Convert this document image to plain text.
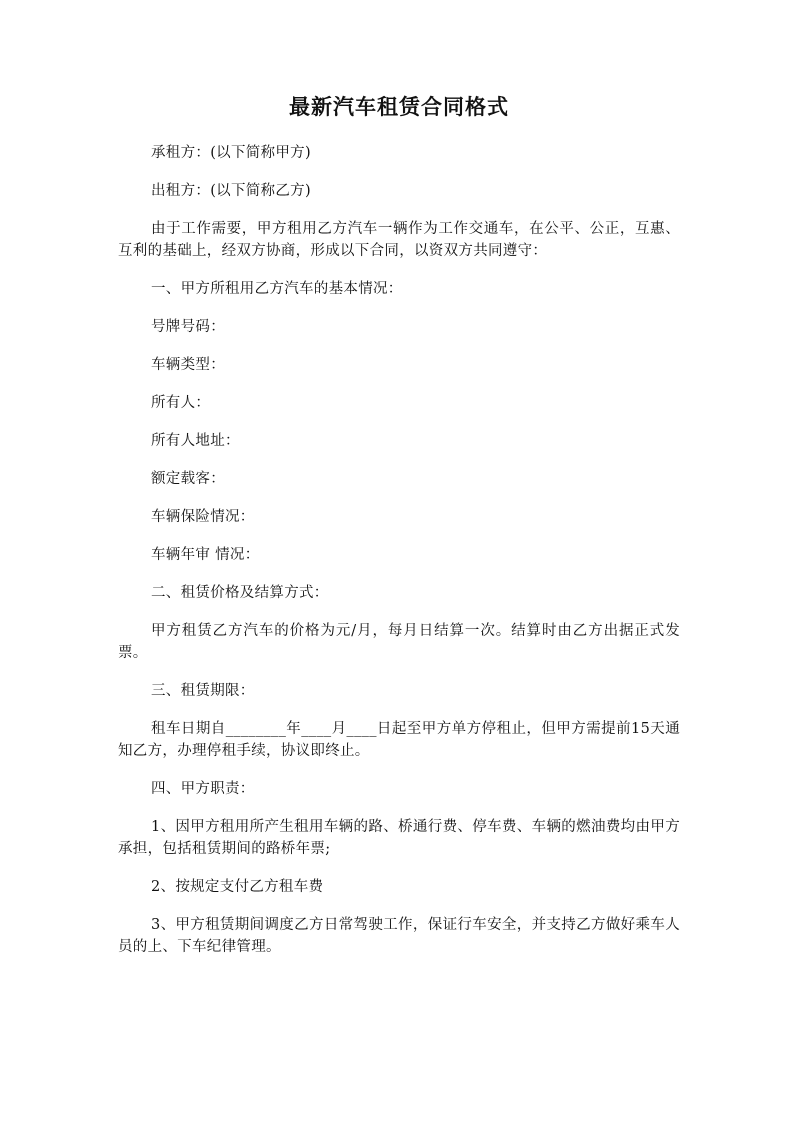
最新汽车租赁合同格式

承租方：(以下简称甲方)

出租方：(以下简称乙方)

由于工作需要，甲方租用乙方汽车一辆作为工作交通车，在公平、公正，互惠、互利的基础上，经双方协商，形成以下合同，以资双方共同遵守：

一、甲方所租用乙方汽车的基本情况：

号牌号码：

车辆类型：

所有人：

所有人地址：

额定载客：

车辆保险情况：

车辆年审 情况：

二、租赁价格及结算方式：

甲方租赁乙方汽车的价格为元/月，每月日结算一次。结算时由乙方出据正式发票。

三、租赁期限：

租车日期自________年____月____日起至甲方单方停租止，但甲方需提前15天通知乙方，办理停租手续，协议即终止。

四、甲方职责：

1、因甲方租用所产生租用车辆的路、桥通行费、停车费、车辆的燃油费均由甲方承担，包括租赁期间的路桥年票;

2、按规定支付乙方租车费

3、甲方租赁期间调度乙方日常驾驶工作，保证行车安全，并支持乙方做好乘车人员的上、下车纪律管理。
